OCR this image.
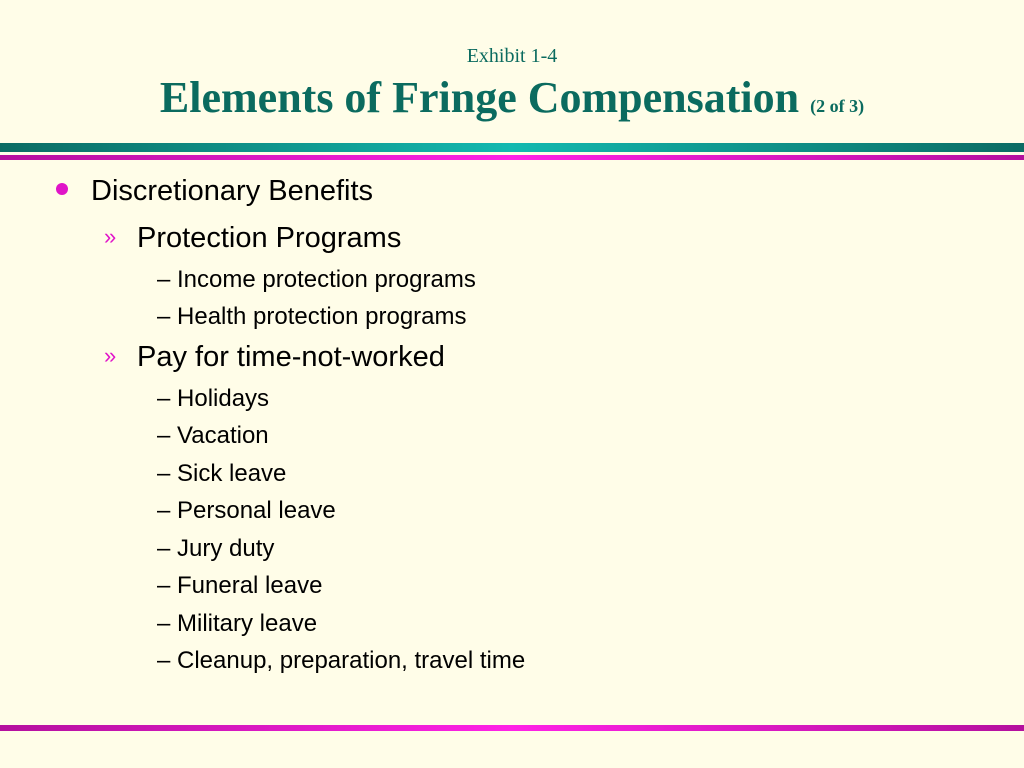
Exhibit 1-4
Elements of Fringe Compensation (2 of 3)
Discretionary Benefits
» Protection Programs
– Income protection programs
– Health protection programs
» Pay for time-not-worked
– Holidays
– Vacation
– Sick leave
– Personal leave
– Jury duty
– Funeral leave
– Military leave
– Cleanup, preparation, travel time
